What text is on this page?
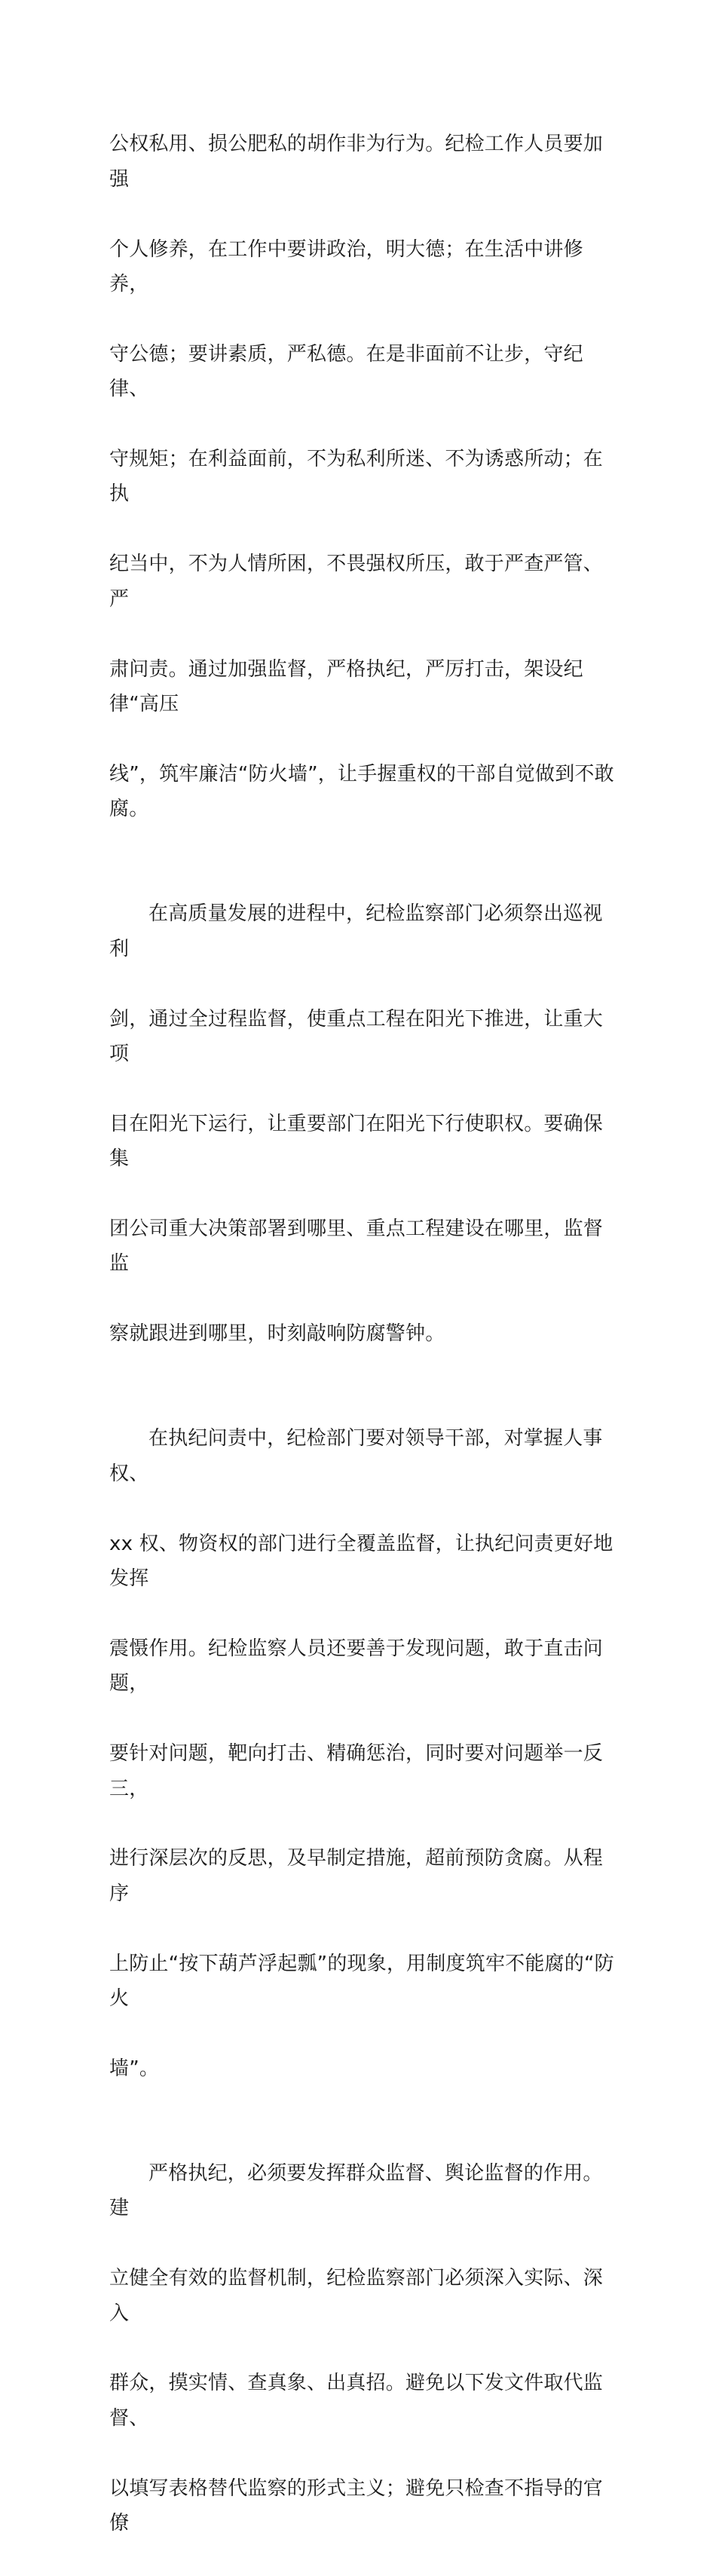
公权私用、损公肥私的胡作非为行为。纪检工作人员要加强

个人修养，在工作中要讲政治，明大德；在生活中讲修养，

守公德；要讲素质，严私德。在是非面前不让步，守纪律、

守规矩；在利益面前，不为私利所迷、不为诱惑所动；在执

纪当中，不为人情所困，不畏强权所压，敢于严查严管、严

肃问责。通过加强监督，严格执纪，严厉打击，架设纪律“高压

线”，筑牢廉洁“防火墙”，让手握重权的干部自觉做到不敢腐。

在高质量发展的进程中，纪检监察部门必须祭出巡视利

剑，通过全过程监督，使重点工程在阳光下推进，让重大项

目在阳光下运行，让重要部门在阳光下行使职权。要确保集

团公司重大决策部署到哪里、重点工程建设在哪里，监督监

察就跟进到哪里，时刻敲响防腐警钟。

在执纪问责中，纪检部门要对领导干部，对掌握人事权、

xx 权、物资权的部门进行全覆盖监督，让执纪问责更好地发挥

震慑作用。纪检监察人员还要善于发现问题，敢于直击问题，

要针对问题，靶向打击、精确惩治，同时要对问题举一反三，

进行深层次的反思，及早制定措施，超前预防贪腐。从程序

上防止“按下葫芦浮起瓢”的现象，用制度筑牢不能腐的“防火

墙”。

严格执纪，必须要发挥群众监督、舆论监督的作用。建

立健全有效的监督机制，纪检监察部门必须深入实际、深入

群众，摸实情、查真象、出真招。避免以下发文件取代监督、

以填写表格替代监察的形式主义；避免只检查不指导的官僚
